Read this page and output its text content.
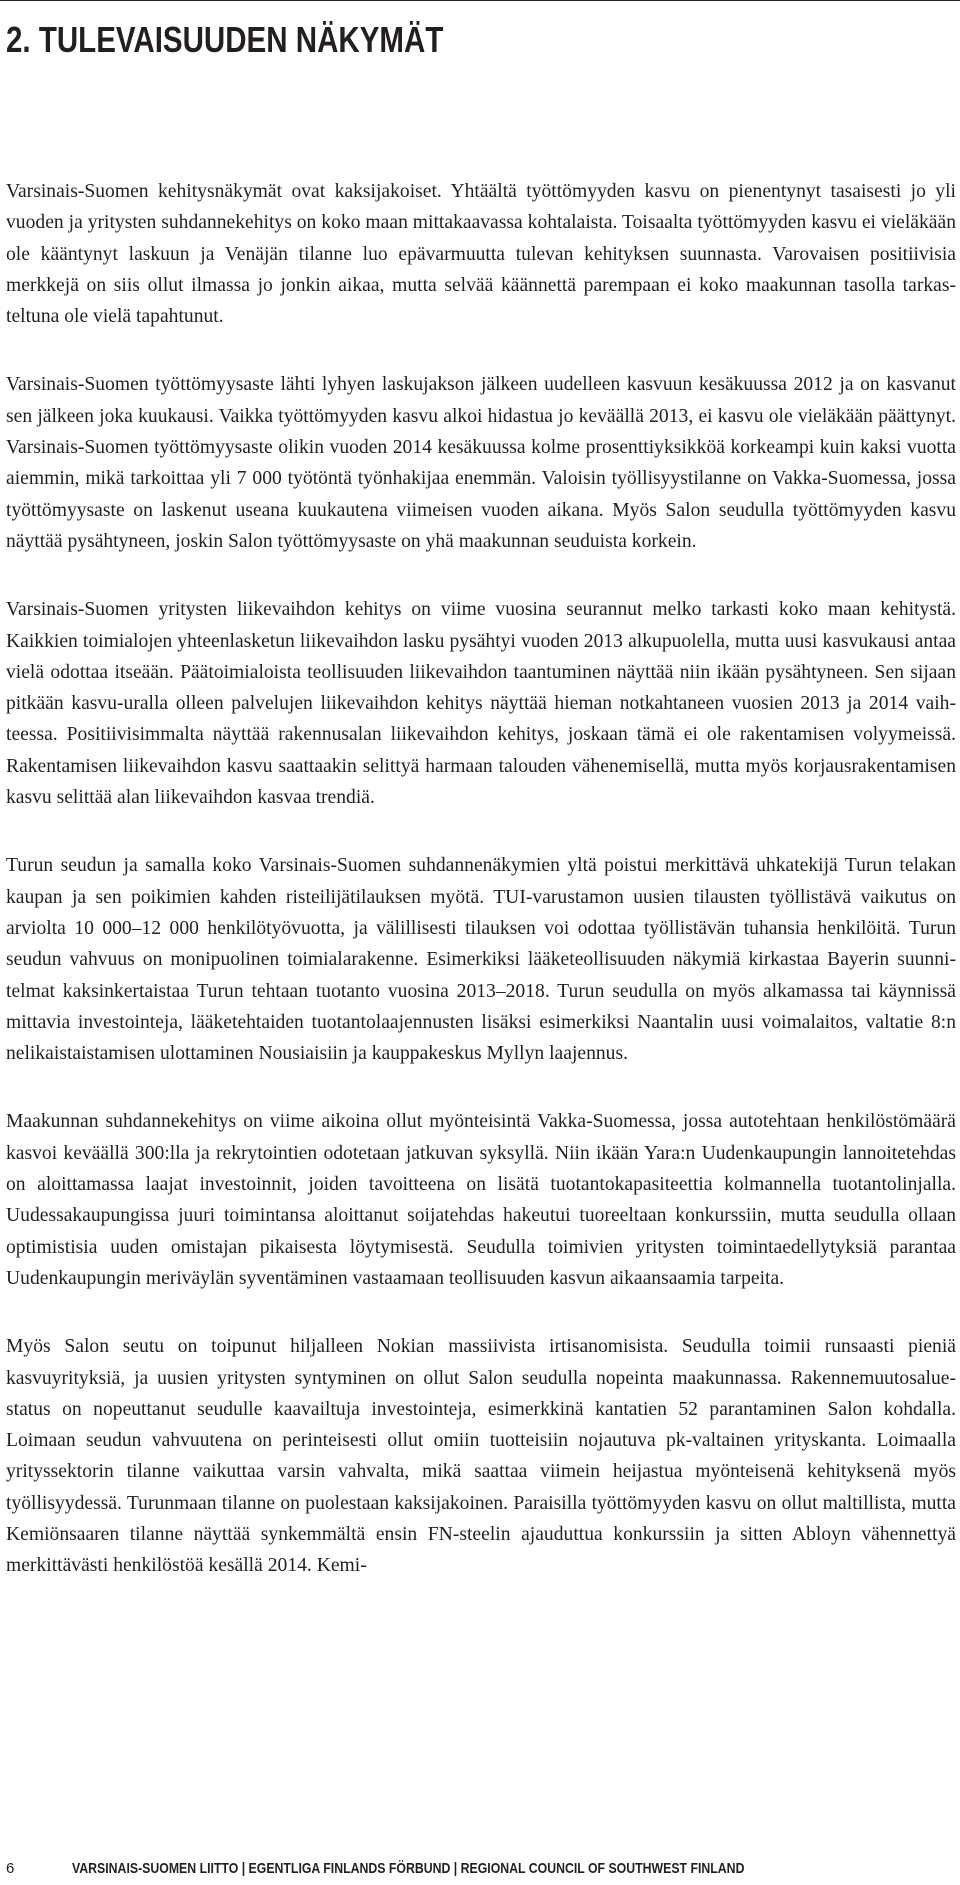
2. TULEVAISUUDEN NÄKYMÄT

Varsinais-Suomen kehitysnäkymät ovat kaksijakoiset. Yhtäältä työttömyyden kasvu on pienentynyt tasaisesti jo yli vuoden ja yritysten suhdannekehitys on koko maan mittakaavassa kohtalaista. Toisaalta työttömyyden kasvu ei vieläkään ole kääntynyt laskuun ja Venäjän tilanne luo epävarmuutta tulevan kehityksen suunnasta. Varovaisen positiivisia merkkejä on siis ollut ilmassa jo jonkin aikaa, mutta selvää käännettä parempaan ei koko maakunnan tasolla tarkasteltuna ole vielä tapahtunut.

Varsinais-Suomen työttömyysaste lähti lyhyen laskujakson jälkeen uudelleen kasvuun kesäkuussa 2012 ja on kasvanut sen jälkeen joka kuukausi. Vaikka työttömyyden kasvu alkoi hidastua jo keväällä 2013, ei kasvu ole vieläkään päättynyt. Varsinais-Suomen työttömyysaste olikin vuoden 2014 kesäkuussa kolme prosenttiyksikköä korkeampi kuin kaksi vuotta aiemmin, mikä tarkoittaa yli 7 000 työtöntä työnhakijaa enemmän. Valoisin työllisyystilanne on Vakka-Suomessa, jossa työttömyysaste on laskenut useana kuukautena viimeisen vuoden aikana. Myös Salon seudulla työttömyyden kasvu näyttää pysähtyneen, joskin Salon työttömyysaste on yhä maakunnan seuduista korkein.

Varsinais-Suomen yritysten liikevaihdon kehitys on viime vuosina seurannut melko tarkasti koko maan kehitystä. Kaikkien toimialojen yhteenlasketun liikevaihdon lasku pysähtyi vuoden 2013 alkupuolella, mutta uusi kasvukausi antaa vielä odottaa itseään. Päätoimialoista teollisuuden liikevaihdon taantuminen näyttää niin ikään pysähtyneen. Sen sijaan pitkään kasvu-uralla olleen palvelujen liikevaihdon kehitys näyttää hieman notkahtaneen vuosien 2013 ja 2014 vaihteessa. Positiivisimmalta näyttää rakennusalan liikevaihdon kehitys, joskaan tämä ei ole rakentamisen volyymeissä. Rakentamisen liikevaihdon kasvu saattaakin selittyä harmaan talouden vähenemisellä, mutta myös korjausrakentamisen kasvu selittää alan liikevaihdon kasvaa trendiä.

Turun seudun ja samalla koko Varsinais-Suomen suhdannenäkymien yltä poistui merkittävä uhkatekijä Turun telakan kaupan ja sen poikimien kahden risteilijätilauksen myötä. TUI-varustamon uusien tilausten työllistävä vaikutus on arviolta 10 000–12 000 henkilötyövuotta, ja välillisesti tilauksen voi odottaa työllistävän tuhansia henkilöitä. Turun seudun vahvuus on monipuolinen toimialarakenne. Esimerkiksi lääketeollisuuden näkymiä kirkastaa Bayerin suunnitelmat kaksinkertaistaa Turun tehtaan tuotanto vuosina 2013–2018. Turun seudulla on myös alkamassa tai käynnissä mittavia investointeja, lääketehtaiden tuotantolaajennusten lisäksi esimerkiksi Naantalin uusi voimalaitos, valtatie 8:n nelikaistaistamisen ulottaminen Nousiaisiin ja kauppakeskus Myllyn laajennus.

Maakunnan suhdannekehitys on viime aikoina ollut myönteisintä Vakka-Suomessa, jossa autotehtaan henkilöstömäärä kasvoi keväällä 300:lla ja rekrytointien odotetaan jatkuvan syksyllä. Niin ikään Yara:n Uudenkaupungin lannoitetehdas on aloittamassa laajat investoinnit, joiden tavoitteena on lisätä tuotantokapasiteettia kolmannella tuotantolinjalla. Uudessakaupungissa juuri toimintansa aloittanut soijatehdas hakeutui tuoreeltaan konkurssiin, mutta seudulla ollaan optimistisia uuden omistajan pikaisesta löytymisestä. Seudulla toimivien yritysten toimintaedellytyksiä parantaa Uudenkaupungin meriväylän syventäminen vastaamaan teollisuuden kasvun aikaansaamia tarpeita.

Myös Salon seutu on toipunut hiljalleen Nokian massiivista irtisanomisista. Seudulla toimii runsaasti pieniä kasvuyrityksiä, ja uusien yritysten syntyminen on ollut Salon seudulla nopeinta maakunnassa. Rakennemuutosalue-status on nopeuttanut seudulle kaavailtuja investointeja, esimerkkinä kantatien 52 parantaminen Salon kohdalla. Loimaan seudun vahvuutena on perinteisesti ollut omiin tuotteisiin nojautuva pk-valtainen yrityskanta. Loimaalla yrityssektorin tilanne vaikuttaa varsin vahvalta, mikä saattaa viimein heijastua myönteisenä kehityksenä myös työllisyydessä. Turunmaan tilanne on puolestaan kaksijakoinen. Paraisilla työttömyyden kasvu on ollut maltillista, mutta Kemiönsaaren tilanne näyttää synkemmältä ensin FN-steelin ajauduttua konkurssiin ja sitten Abloyn vähennettyä merkittävästi henkilöstöä kesällä 2014. Kemi-

6	VARSINAIS-SUOMEN LIITTO | EGENTLIGA FINLANDS FÖRBUND | REGIONAL COUNCIL OF SOUTHWEST FINLAND
